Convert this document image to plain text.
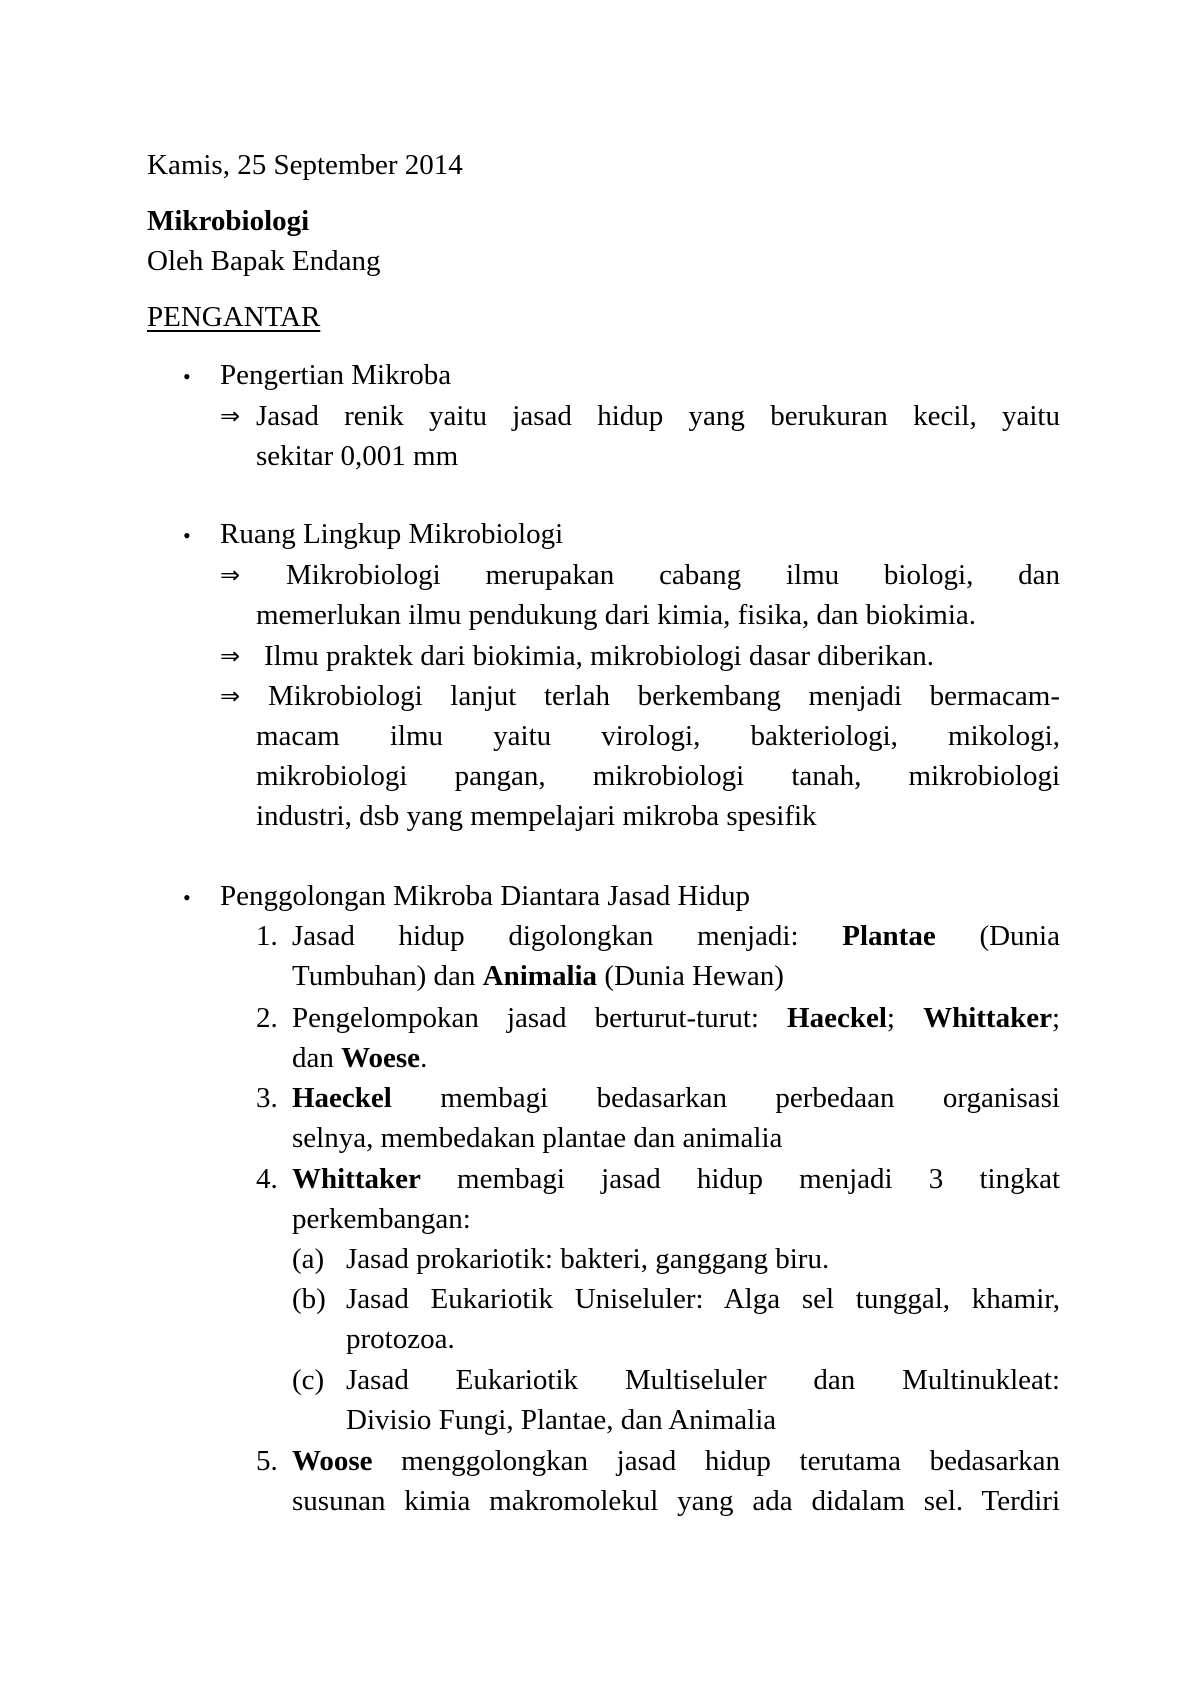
Kamis, 25 September 2014
Mikrobiologi
Oleh Bapak Endang
PENGANTAR
• Pengertian Mikroba
⇒ Jasad renik yaitu jasad hidup yang berukuran kecil, yaitu
sekitar 0,001 mm
• Ruang Lingkup Mikrobiologi
⇒ Mikrobiologi merupakan cabang ilmu biologi, dan
memerlukan ilmu pendukung dari kimia, fisika, dan biokimia.
⇒ Ilmu praktek dari biokimia, mikrobiologi dasar diberikan.
⇒ Mikrobiologi lanjut terlah berkembang menjadi bermacam-
macam ilmu yaitu virologi, bakteriologi, mikologi,
mikrobiologi pangan, mikrobiologi tanah, mikrobiologi
industri, dsb yang mempelajari mikroba spesifik
• Penggolongan Mikroba Diantara Jasad Hidup
1. Jasad hidup digolongkan menjadi: Plantae (Dunia
Tumbuhan) dan Animalia (Dunia Hewan)
2. Pengelompokan jasad berturut-turut: Haeckel; Whittaker;
dan Woese.
3. Haeckel membagi bedasarkan perbedaan organisasi
selnya, membedakan plantae dan animalia
4. Whittaker membagi jasad hidup menjadi 3 tingkat
perkembangan:
(a) Jasad prokariotik: bakteri, ganggang biru.
(b) Jasad Eukariotik Uniseluler: Alga sel tunggal, khamir,
protozoa.
(c) Jasad Eukariotik Multiseluler dan Multinukleat:
Divisio Fungi, Plantae, dan Animalia
5. Woose menggolongkan jasad hidup terutama bedasarkan
susunan kimia makromolekul yang ada didalam sel. Terdiri
